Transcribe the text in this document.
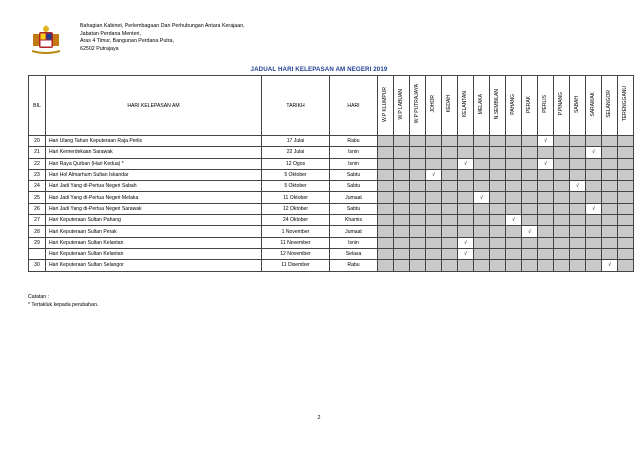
Bahagian Kabinet, Perlembagaan Dan Perhubungan Antara Kerajaan,
Jabatan Perdana Menteri,
Aras 4 Timur, Bangunan Perdana Putra,
62502 Putrajaya
JADUAL HARI KELEPASAN AM NEGERI 2019
BIL	HARI KELEPASAN AM	TARIKH	HARI	W.P KLUMPUR	W.P LABUAN	W.P PUTRAJAYA	JOHOR	KEDAH	KELANTAN	MELAKA	N.SEMBILAN	PAHANG	PERAK	PERLIS	P.PINANG	SABAH	SARAWAK	SELANGOR	TERENGGANU

20	Hari Ulang Tahun Keputeraan Raja Perlis	17 Julai	Rabu											√					
21	Hari Kemerdekaan Sarawak	22 Julai	Isnin														√		
22	Hari Raya Qurban (Hari Kedua) *	12 Ogos	Isnin						√					√					
23	Hari Hol Almarhum Sultan Iskandar	5 Oktober	Sabtu				√												
24	Hari Jadi Yang di-Pertua Negeri Sabah	5 Oktober	Sabtu													√			
25	Hari Jadi Yang di-Pertua Negeri Melaka	11 Oktober	Jumaat							√									
26	Hari Jadi Yang di-Pertua Negeri Sarawak	12 Oktober	Sabtu														√		
27	Hari Keputeraan Sultan Pahang	24 Oktober	Khamis									√							
28	Hari Keputeraan Sultan Perak	1 November	Jumaat										√						
29	Hari Keputeraan Sultan Kelantan	11 November	Isnin						√										
	Hari Keputeraan Sultan Kelantan	12 November	Selasa						√										
30	Hari Keputeraan Sultan Selangor	11 Disember	Rabu															√	
Catatan :
* Tertakluk kepada perubahan.
2
